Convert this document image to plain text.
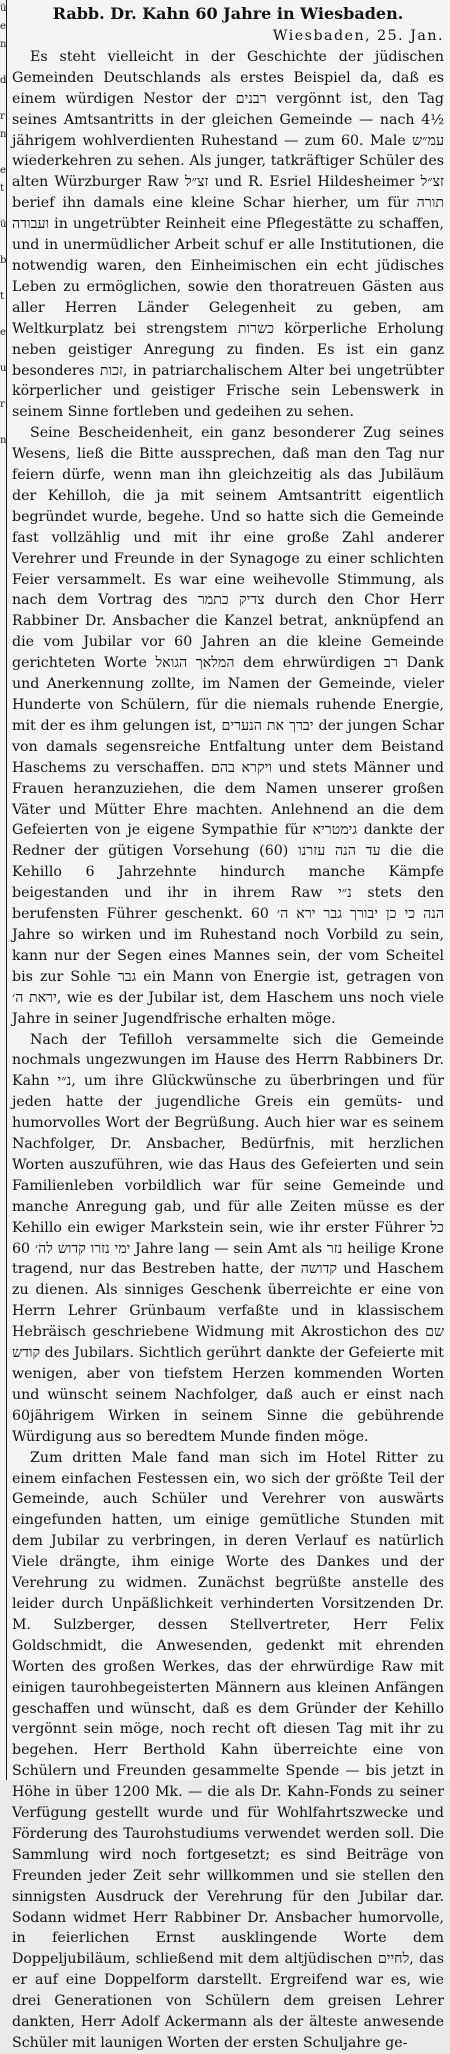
ü
e
n

d

r
n

e
t

ü

b

t

e

u

r

n
Rabb. Dr. Kahn 60 Jahre in Wiesbaden.

Wiesbaden, 25. Jan.

Es steht vielleicht in der Geschichte der jüdischen Gemeinden Deutschlands als erstes Beispiel da, daß es einem würdigen Nestor der רבנים vergönnt ist, den Tag seines Amtsantritts in der gleichen Gemeinde — nach 4½ jährigem wohlverdienten Ruhestand — zum 60. Male עמ״ש wiederkehren zu sehen. Als junger, tatkräftiger Schüler des alten Würzburger Raw זצ״ל und R. Esriel Hildesheimer זצ״ל berief ihn damals eine kleine Schar hierher, um für תורה ועבודה in ungetrübter Reinheit eine Pflegestätte zu schaffen, und in unermüdlicher Arbeit schuf er alle Institutionen, die notwendig waren, den Einheimischen ein echt jüdisches Leben zu ermöglichen, sowie den thoratreuen Gästen aus aller Herren Länder Gelegenheit zu geben, am Weltkurplatz bei strengstem כשרות körperliche Erholung neben geistiger Anregung zu finden. Es ist ein ganz besonderes זכות, in patriarchalischem Alter bei ungetrübter körperlicher und geistiger Frische sein Lebenswerk in seinem Sinne fortleben und gedeihen zu sehen.

Seine Bescheidenheit, ein ganz besonderer Zug seines Wesens, ließ die Bitte aussprechen, daß man den Tag nur feiern dürfe, wenn man ihn gleichzeitig als das Jubiläum der Kehilloh, die ja mit seinem Amtsantritt eigentlich begründet wurde, begehe. Und so hatte sich die Gemeinde fast vollzählig und mit ihr eine große Zahl anderer Verehrer und Freunde in der Synagoge zu einer schlichten Feier versammelt. Es war eine weihevolle Stimmung, als nach dem Vortrag des צדיק כתמר durch den Chor Herr Rabbiner Dr. Ansbacher die Kanzel betrat, anknüpfend an die vom Jubilar vor 60 Jahren an die kleine Gemeinde gerichteten Worte המלאך הגואל dem ehrwürdigen רב Dank und Anerkennung zollte, im Namen der Gemeinde, vieler Hunderte von Schülern, für die niemals ruhende Energie, mit der es ihm gelungen ist, יברך את הנערים der jungen Schar von damals segensreiche Entfaltung unter dem Beistand Haschems zu verschaffen. ויקרא בהם und stets Männer und Frauen heranzuziehen, die dem Namen unserer großen Väter und Mütter Ehre machten. Anlehnend an die dem Gefeierten von je eigene Sympathie für גימטריא dankte der Redner der gütigen Vorsehung עד הנה עזרנו (60) die die Kehillo 6 Jahrzehnte hindurch manche Kämpfe beigestanden und ihr in ihrem Raw נ״י stets den berufensten Führer geschenkt. הנה כי כן יבורך גבר ירא ה׳ 60 Jahre so wirken und im Ruhestand noch Vorbild zu sein, kann nur der Segen eines Mannes sein, der vom Scheitel bis zur Sohle גבר ein Mann von Energie ist, getragen von יראת ה׳, wie es der Jubilar ist, dem Haschem uns noch viele Jahre in seiner Jugendfrische erhalten möge.

Nach der Tefilloh versammelte sich die Gemeinde nochmals ungezwungen im Hause des Herrn Rabbiners Dr. Kahn נ״י, um ihre Glückwünsche zu überbringen und für jeden hatte der jugendliche Greis ein gemüts- und humorvolles Wort der Begrüßung. Auch hier war es seinem Nachfolger, Dr. Ansbacher, Bedürfnis, mit herzlichen Worten auszuführen, wie das Haus des Gefeierten und sein Familienleben vorbildlich war für seine Gemeinde und manche Anregung gab, und für alle Zeiten müsse es der Kehillo ein ewiger Markstein sein, wie ihr erster Führer כל ימי נזרו קדוש לה׳ 60 Jahre lang — sein Amt als נזר heilige Krone tragend, nur das Bestreben hatte, der קדושה und Haschem zu dienen. Als sinniges Geschenk überreichte er eine von Herrn Lehrer Grünbaum verfaßte und in klassischem Hebräisch geschriebene Widmung mit Akrostichon des שם קודש des Jubilars. Sichtlich gerührt dankte der Gefeierte mit wenigen, aber von tiefstem Herzen kommenden Worten und wünscht seinem Nachfolger, daß auch er einst nach 60jährigem Wirken in seinem Sinne die gebührende Würdigung aus so beredtem Munde finden möge.

Zum dritten Male fand man sich im Hotel Ritter zu einem einfachen Festessen ein, wo sich der größte Teil der Gemeinde, auch Schüler und Verehrer von auswärts eingefunden hatten, um einige gemütliche Stunden mit dem Jubilar zu verbringen, in deren Verlauf es natürlich Viele drängte, ihm einige Worte des Dankes und der Verehrung zu widmen. Zunächst begrüßte anstelle des leider durch Unpäßlichkeit verhinderten Vorsitzenden Dr. M. Sulzberger, dessen Stellvertreter, Herr Felix Goldschmidt, die Anwesenden, gedenkt mit ehrenden Worten des großen Werkes, das der ehrwürdige Raw mit einigen taurohbegeisterten Männern aus kleinen Anfängen geschaffen und wünscht, daß es dem Gründer der Kehillo vergönnt sein möge, noch recht oft diesen Tag mit ihr zu begehen. Herr Berthold Kahn überreichte eine von Schülern und Freunden gesammelte Spende — bis jetzt in Höhe in über 1200 Mk. — die als Dr. Kahn-Fonds zu seiner Verfügung gestellt wurde und für Wohlfahrtszwecke und Förderung des Taurohstudiums verwendet werden soll. Die Sammlung wird noch fortgesetzt; es sind Beiträge von Freunden jeder Zeit sehr willkommen und sie stellen den sinnigsten Ausdruck der Verehrung für den Jubilar dar. Sodann widmet Herr Rabbiner Dr. Ansbacher humorvolle, in feierlichen Ernst ausklingende Worte dem Doppeljubiläum, schließend mit dem altjüdischen לחיים, das er auf eine Doppelform darstellt. Ergreifend war es, wie drei Generationen von Schülern dem greisen Lehrer dankten, Herr Adolf Ackermann als der älteste anwesende Schüler mit launigen Worten der ersten Schuljahre ge-
